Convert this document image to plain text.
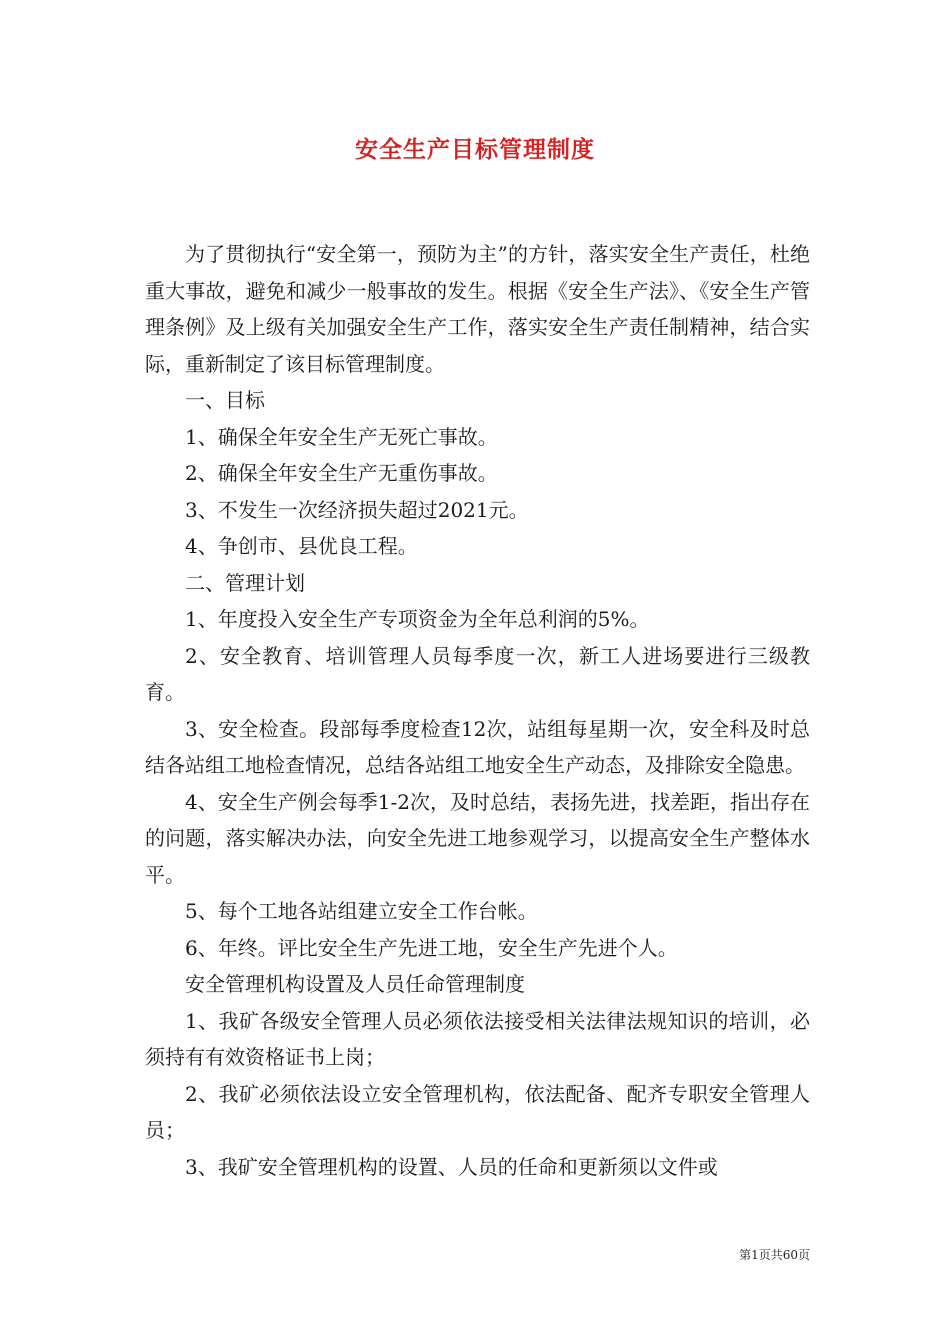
安全生产目标管理制度

为了贯彻执行“安全第一，预防为主”的方针，落实安全生产责任，杜绝重大事故，避免和减少一般事故的发生。根据《安全生产法》、《安全生产管理条例》及上级有关加强安全生产工作，落实安全生产责任制精神，结合实际，重新制定了该目标管理制度。

一、目标

1、确保全年安全生产无死亡事故。

2、确保全年安全生产无重伤事故。

3、不发生一次经济损失超过2021元。

4、争创市、县优良工程。

二、管理计划

1、年度投入安全生产专项资金为全年总利润的5%。

2、安全教育、培训管理人员每季度一次，新工人进场要进行三级教育。

3、安全检查。段部每季度检查12次，站组每星期一次，安全科及时总结各站组工地检查情况，总结各站组工地安全生产动态，及排除安全隐患。

4、安全生产例会每季1-2次，及时总结，表扬先进，找差距，指出存在的问题，落实解决办法，向安全先进工地参观学习，以提高安全生产整体水平。

5、每个工地各站组建立安全工作台帐。

6、年终。评比安全生产先进工地，安全生产先进个人。

安全管理机构设置及人员任命管理制度

1、我矿各级安全管理人员必须依法接受相关法律法规知识的培训，必须持有有效资格证书上岗；

2、我矿必须依法设立安全管理机构，依法配备、配齐专职安全管理人员；

3、我矿安全管理机构的设置、人员的任命和更新须以文件或

第1页共60页
